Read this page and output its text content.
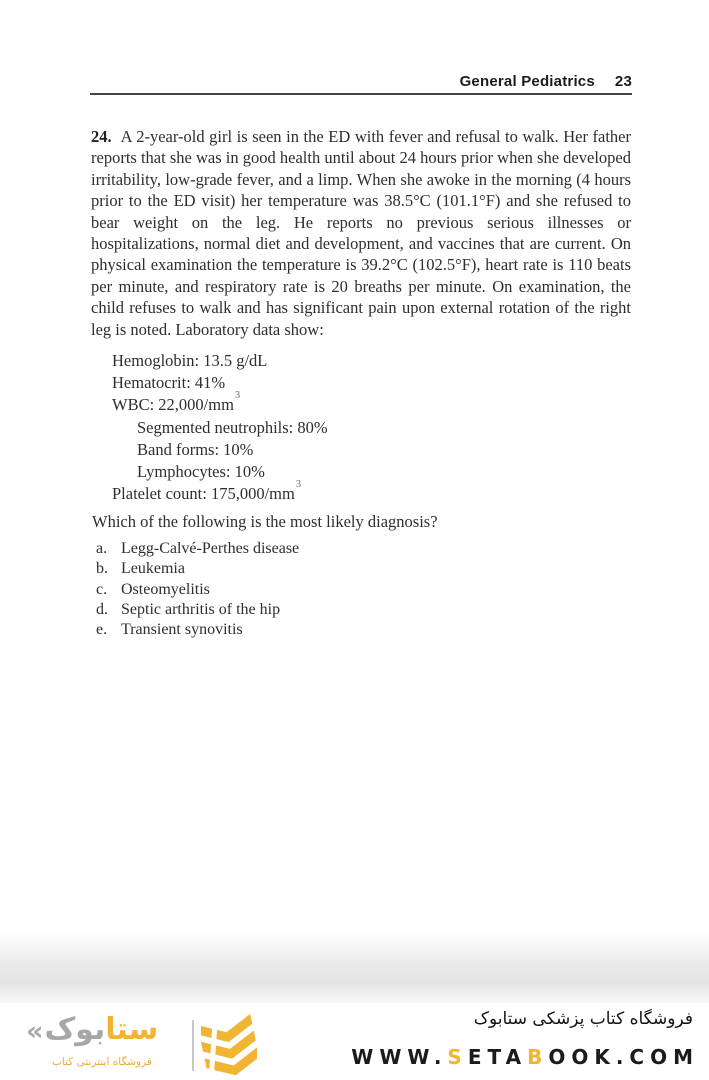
General Pediatrics 23
24. A 2-year-old girl is seen in the ED with fever and refusal to walk. Her father reports that she was in good health until about 24 hours prior when she developed irritability, low-grade fever, and a limp. When she awoke in the morning (4 hours prior to the ED visit) her temperature was 38.5°C (101.1°F) and she refused to bear weight on the leg. He reports no previous serious illnesses or hospitalizations, normal diet and development, and vaccines that are current. On physical examination the temperature is 39.2°C (102.5°F), heart rate is 110 beats per minute, and respiratory rate is 20 breaths per minute. On examination, the child refuses to walk and has significant pain upon external rotation of the right leg is noted. Laboratory data show:
Hemoglobin: 13.5 g/dL
Hematocrit: 41%
WBC: $22,000/mm^3$
Segmented neutrophils: 80%
Band forms: 10%
Lymphocytes: 10%
Platelet count: $175,000/mm^3$
Which of the following is the most likely diagnosis?
a. Legg-Calvé-Perthes disease
b. Leukemia
c. Osteomyelitis
d. Septic arthritis of the hip
e. Transient synovitis
« بوک ستا
فروشگاه اینترنتی کتاب
فروشگاه کتاب پزشکی ستابوک
WWW.SETABOOK.COM
